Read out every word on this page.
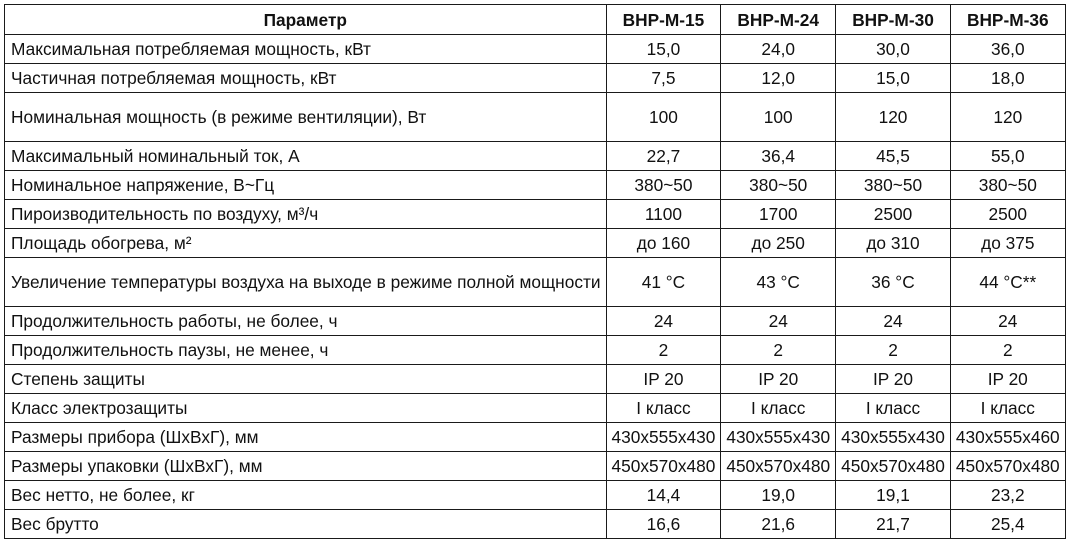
Параметр	ВНР-М-15	ВНР-М-24	ВНР-М-30	ВНР-М-36
Максимальная потребляемая мощность, кВт	15,0	24,0	30,0	36,0
Частичная потребляемая мощность, кВт	7,5	12,0	15,0	18,0
Номинальная мощность (в режиме вентиляции), Вт	100	100	120	120
Максимальный номинальный ток, А	22,7	36,4	45,5	55,0
Номинальное напряжение, В~Гц	380~50	380~50	380~50	380~50
Пироизводительность по воздуху, м³/ч	1100	1700	2500	2500
Площадь обогрева, м²	до 160	до 250	до 310	до 375
Увеличение температуры воздуха на выходе в режиме полной мощности	41 °C	43 °C	36 °C	44 °C**
Продолжительность работы, не более, ч	24	24	24	24
Продолжительность паузы, не менее, ч	2	2	2	2
Степень защиты	IP 20	IP 20	IP 20	IP 20
Класс электрозащиты	I класс	I класс	I класс	I класс
Размеры прибора (ШхВхГ), мм	430x555x430	430x555x430	430x555x430	430x555x460
Размеры упаковки (ШхВхГ), мм	450x570x480	450x570x480	450x570x480	450x570x480
Вес нетто, не более, кг	14,4	19,0	19,1	23,2
Вес брутто	16,6	21,6	21,7	25,4
